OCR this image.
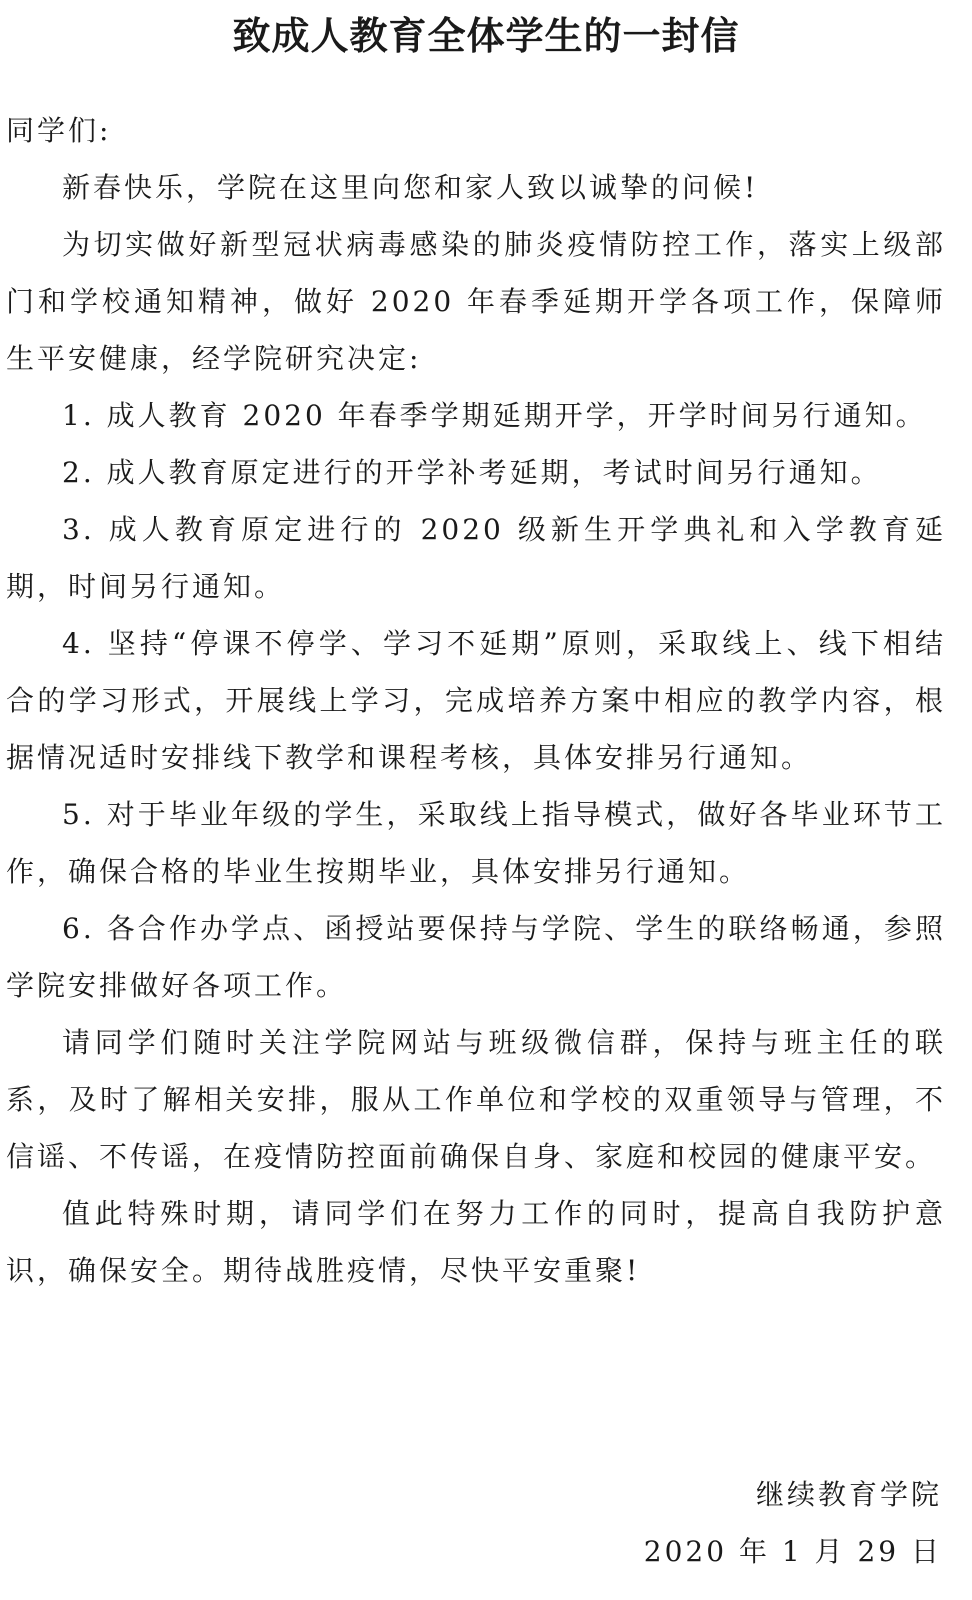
致成人教育全体学生的一封信

同学们:

新春快乐，学院在这里向您和家人致以诚挚的问候!

为切实做好新型冠状病毒感染的肺炎疫情防控工作，落实上级部门和学校通知精神，做好 2020 年春季延期开学各项工作，保障师生平安健康，经学院研究决定:

1. 成人教育 2020 年春季学期延期开学，开学时间另行通知。

2. 成人教育原定进行的开学补考延期，考试时间另行通知。

3. 成人教育原定进行的 2020 级新生开学典礼和入学教育延期，时间另行通知。

4. 坚持“停课不停学、学习不延期”原则，采取线上、线下相结合的学习形式，开展线上学习，完成培养方案中相应的教学内容，根据情况适时安排线下教学和课程考核，具体安排另行通知。

5. 对于毕业年级的学生，采取线上指导模式，做好各毕业环节工作，确保合格的毕业生按期毕业，具体安排另行通知。

6. 各合作办学点、函授站要保持与学院、学生的联络畅通，参照学院安排做好各项工作。

请同学们随时关注学院网站与班级微信群，保持与班主任的联系，及时了解相关安排，服从工作单位和学校的双重领导与管理，不信谣、不传谣，在疫情防控面前确保自身、家庭和校园的健康平安。

值此特殊时期，请同学们在努力工作的同时，提高自我防护意识，确保安全。期待战胜疫情，尽快平安重聚!

继续教育学院
2020 年 1 月 29 日
